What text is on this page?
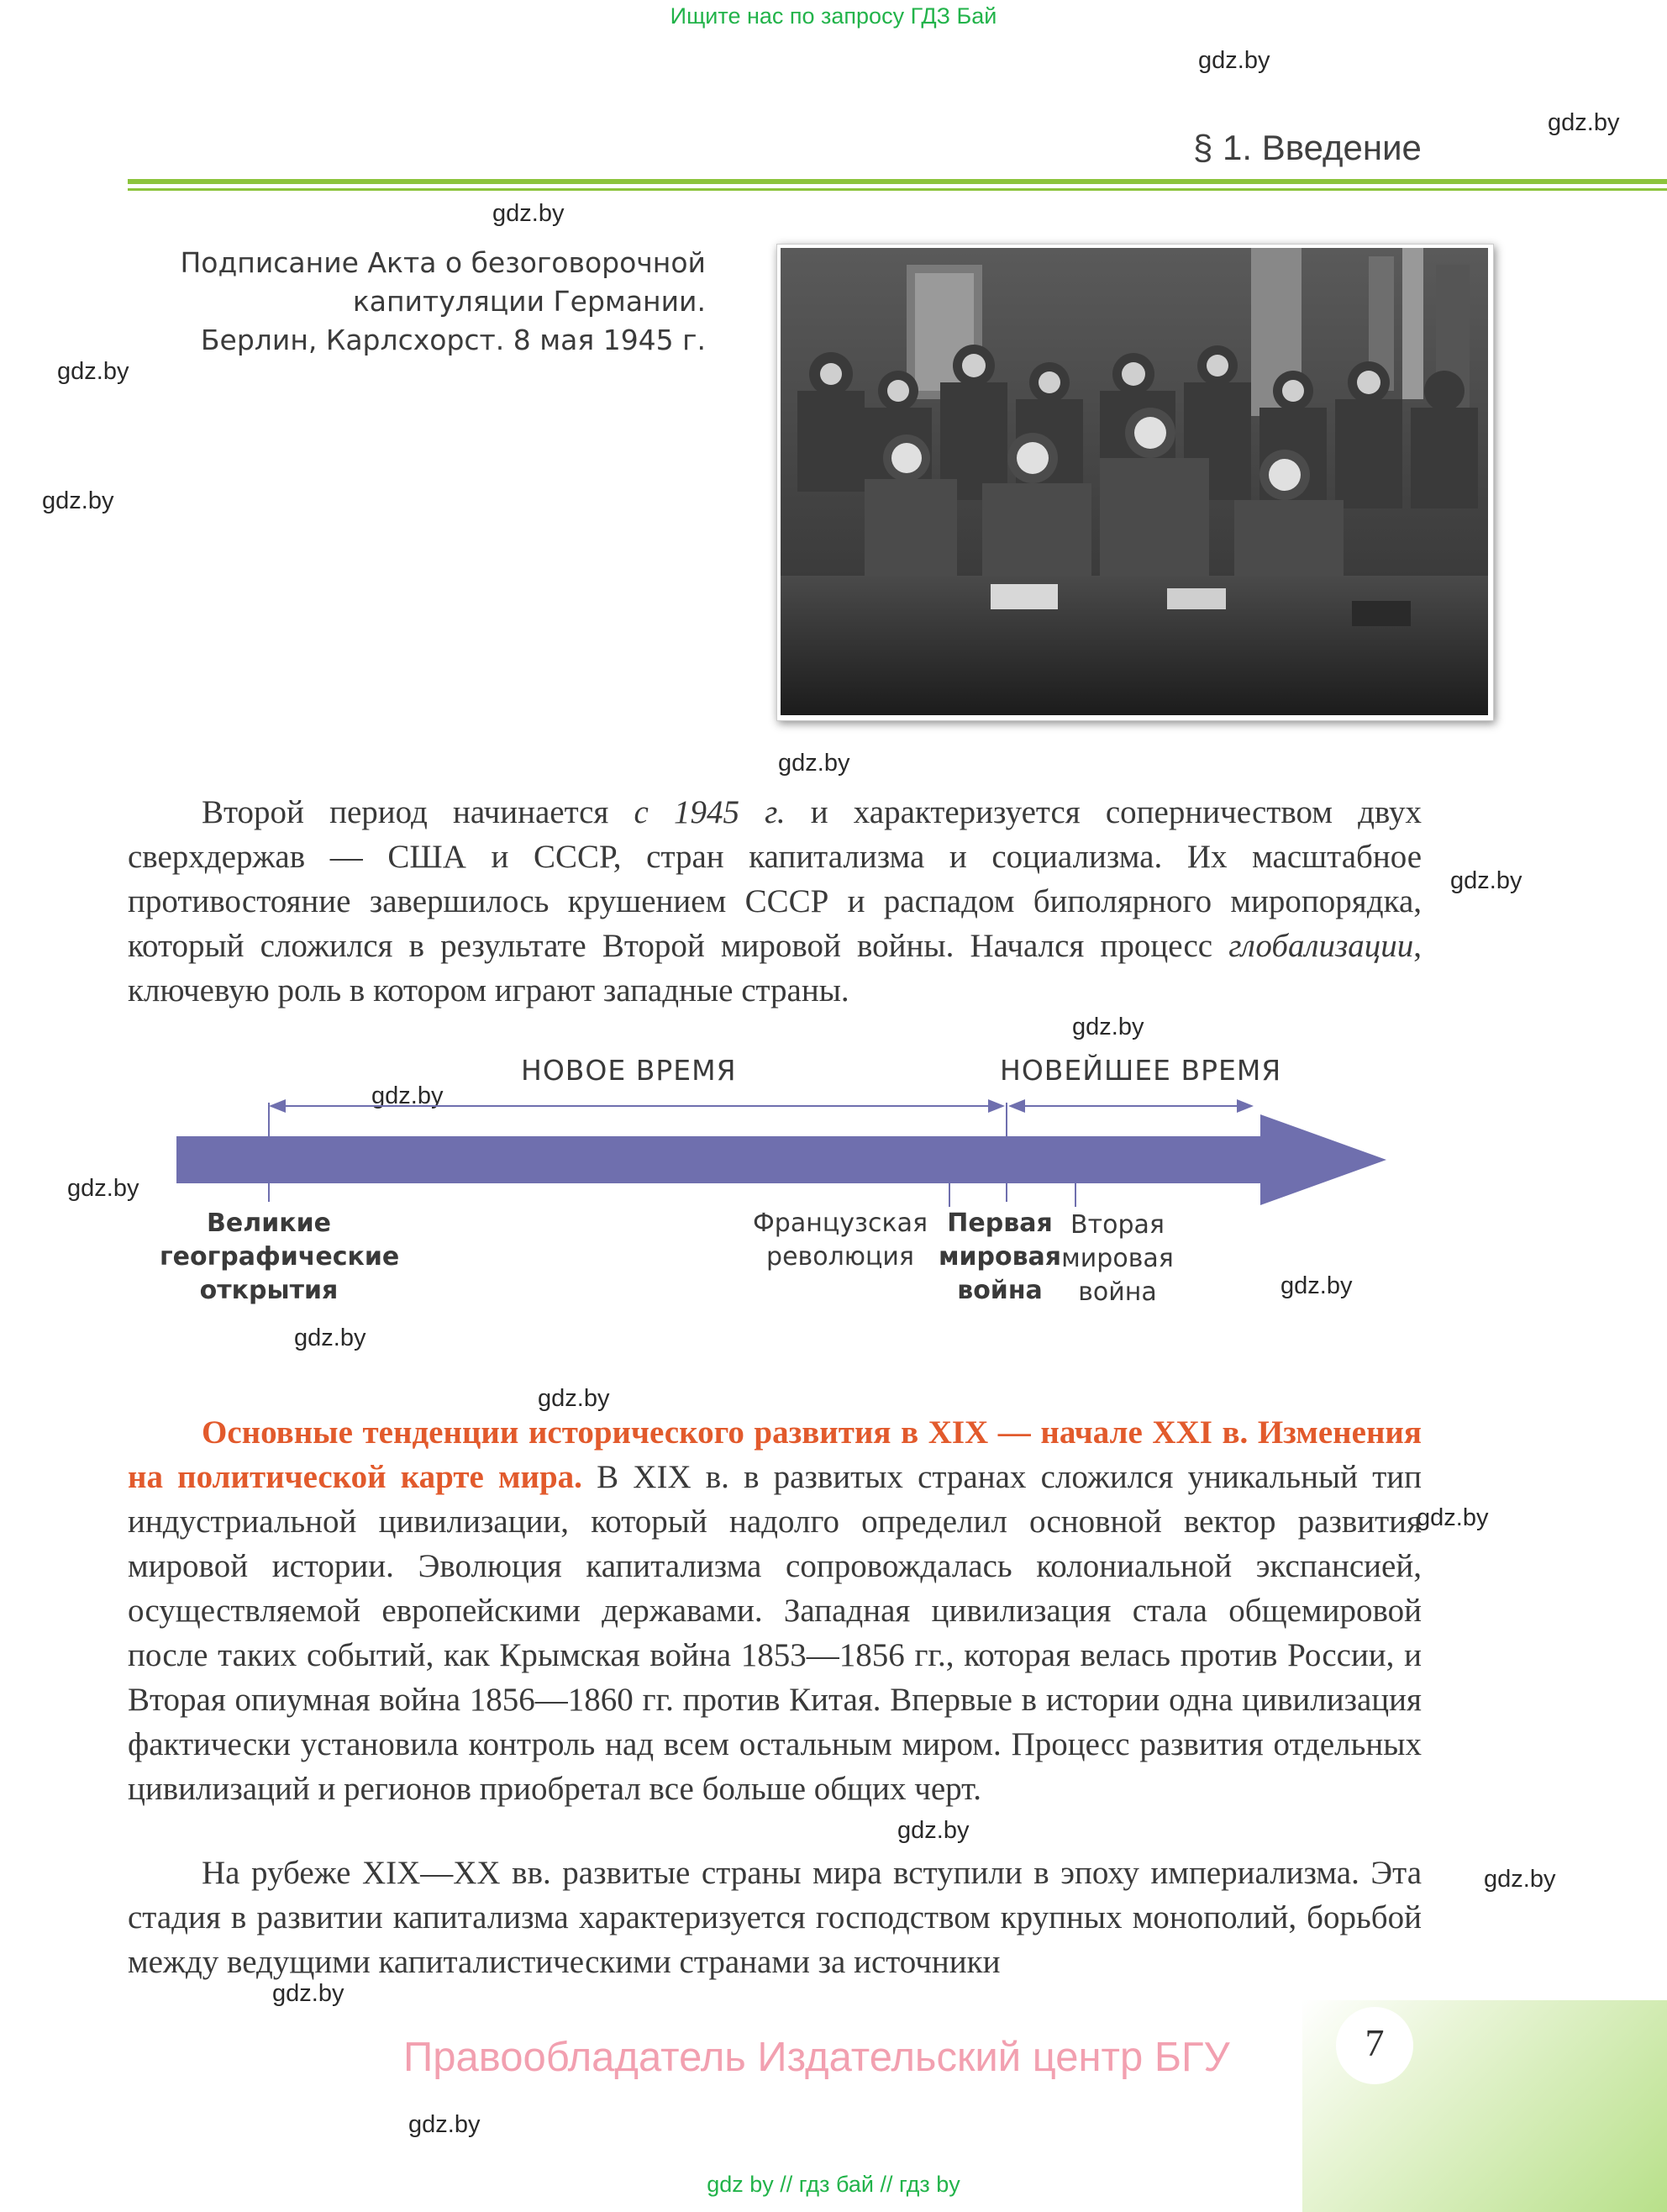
Ищите нас по запросу ГДЗ Бай
gdz.by
gdz.by
gdz.by
gdz.by
gdz.by
gdz.by
gdz.by
gdz.by
gdz.by
gdz.by
gdz.by
gdz.by
gdz.by
gdz.by
gdz.by
gdz.by
gdz.by
gdz.by
§ 1. Введение
Подписание Акта о безоговорочной
капитуляции Германии.
Берлин, Карлсхорст. 8 мая 1945 г.

Второй период начинается с 1945 г. и характеризуется соперничеством двух сверхдержав — США и СССР, стран капитализма и социализма. Их масштабное противостояние завершилось крушением СССР и распадом биполярного миропорядка, который сложился в результате Второй мировой войны. Начался процесс глобализации, ключевую роль в котором играют западные страны.

НОВОЕ ВРЕМЯ	НОВЕЙШЕЕ ВРЕМЯ
Великие
географические
открытия
Французская
революция
Первая
мировая
война
Вторая
мировая
война

Основные тенденции исторического развития в XIX — начале XXI в. Изменения на политической карте мира. В XIX в. в развитых странах сложился уникальный тип индустриальной цивилизации, который надолго определил основной вектор развития мировой истории. Эволюция капитализма сопровождалась колониальной экспансией, осуществляемой европейскими державами. Западная цивилизация стала общемировой после таких событий, как Крымская война 1853—1856 гг., которая велась против России, и Вторая опиумная война 1856—1860 гг. против Китая. Впервые в истории одна цивилизация фактически установила контроль над всем остальным миром. Процесс развития отдельных цивилизаций и регионов приобретал все больше общих черт.

На рубеже XIX—XX вв. развитые страны мира вступили в эпоху империализма. Эта стадия в развитии капитализма характеризуется господством крупных монополий, борьбой между ведущими капиталистическими странами за источники

7
Правообладатель Издательский центр БГУ
gdz by // гдз бай // гдз by
